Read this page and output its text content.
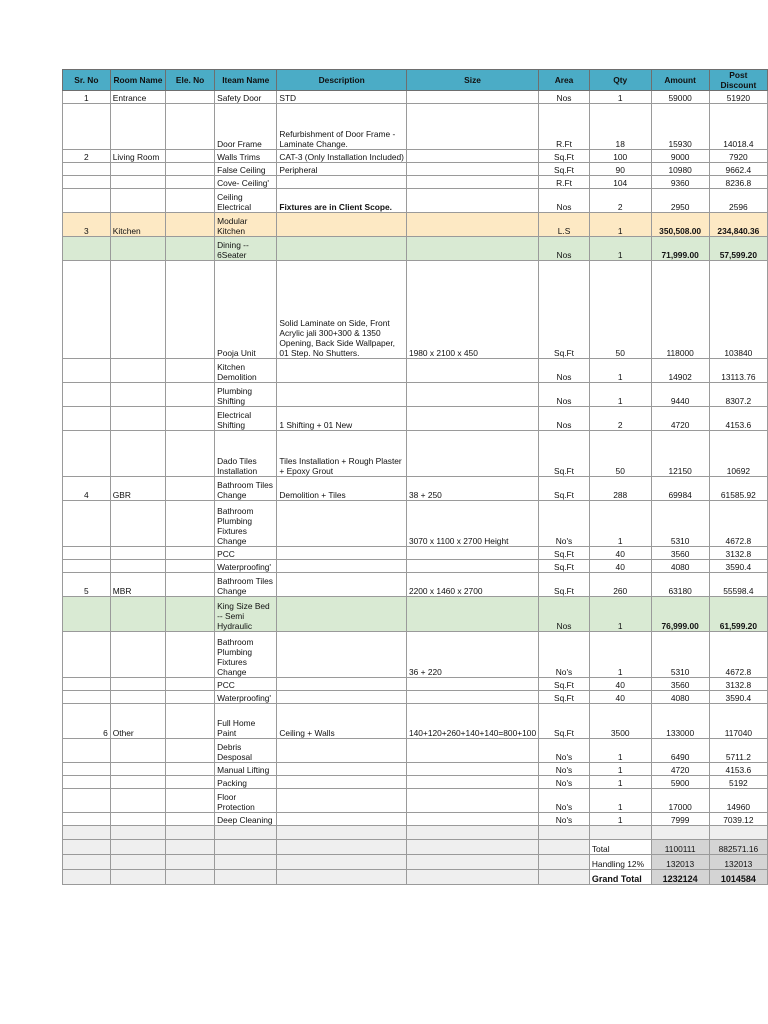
Sr. No	Room Name	Ele. No	Iteam Name	Description	Size	Area	Qty	Amount	Post Discount
1	Entrance		Safety Door	STD		Nos	1	59000	51920
			Door Frame	Refurbishment of Door Frame - Laminate Change.		R.Ft	18	15930	14018.4
2	Living Room		Walls Trims	CAT-3 (Only Installation Included)		Sq.Ft	100	9000	7920
			False Ceiling	Peripheral		Sq.Ft	90	10980	9662.4
			Cove- Ceiling'			R.Ft	104	9360	8236.8
			Ceiling Electrical	Fixtures are in Client Scope.		Nos	2	2950	2596
3	Kitchen		Modular Kitchen			L.S	1	350,508.00	234,840.36
			Dining -- 6Seater			Nos	1	71,999.00	57,599.20
			Pooja Unit	Solid Laminate on Side, Front Acrylic jali 300+300 & 1350 Opening, Back Side Wallpaper, 01 Step. No Shutters.	1980 x 2100 x 450	Sq.Ft	50	118000	103840
			Kitchen Demolition			Nos	1	14902	13113.76
			Plumbing Shifting			Nos	1	9440	8307.2
			Electrical Shifting	1 Shifting + 01 New		Nos	2	4720	4153.6
			Dado Tiles Installation	Tiles Installation + Rough Plaster + Epoxy Grout		Sq.Ft	50	12150	10692
4	GBR		Bathroom Tiles Change	Demolition + Tiles	38 + 250	Sq.Ft	288	69984	61585.92
			Bathroom Plumbing Fixtures Change		3070 x 1100 x 2700 Height	No's	1	5310	4672.8
			PCC			Sq.Ft	40	3560	3132.8
			Waterproofing'			Sq.Ft	40	4080	3590.4
5	MBR		Bathroom Tiles Change		2200 x 1460 x 2700	Sq.Ft	260	63180	55598.4
			King Size Bed -- Semi Hydraulic			Nos	1	76,999.00	61,599.20
			Bathroom Plumbing Fixtures Change		36 + 220	No's	1	5310	4672.8
			PCC			Sq.Ft	40	3560	3132.8
			Waterproofing'			Sq.Ft	40	4080	3590.4
6	Other		Full Home Paint	Ceiling + Walls	140+120+260+140+140=800+100	Sq.Ft	3500	133000	117040
			Debris Desposal			No's	1	6490	5711.2
			Manual Lifting			No's	1	4720	4153.6
			Packing			No's	1	5900	5192
			Floor Protection			No's	1	17000	14960
			Deep Cleaning			No's	1	7999	7039.12

							Total	1100111	882571.16
							Handling 12%	132013	132013
							Grand Total	1232124	1014584
